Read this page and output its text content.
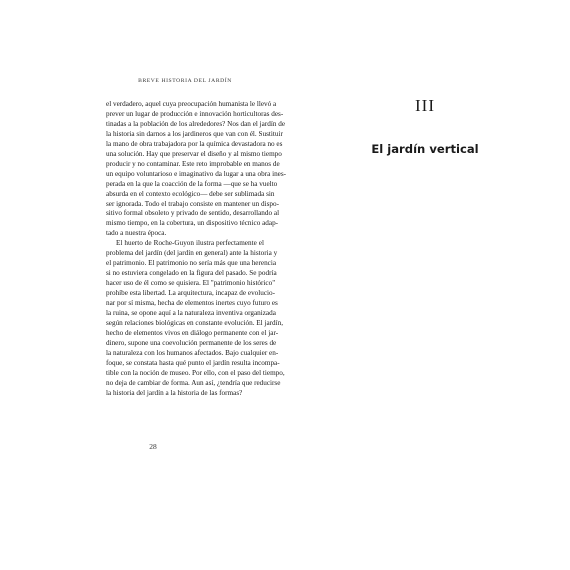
BREVE HISTORIA DEL JARDÍN
el verdadero, aquel cuya preocupación humanista le llevó a
prever un lugar de producción e innovación horticultoras des-
tinadas a la población de los alrededores? Nos dan el jardín de
la historia sin darnos a los jardineros que van con él. Sustituir
la mano de obra trabajadora por la química devastadora no es
una solución. Hay que preservar el diseño y al mismo tiempo
producir y no contaminar. Este reto improbable en manos de
un equipo voluntarioso e imaginativo da lugar a una obra ines-
perada en la que la coacción de la forma —que se ha vuelto
absurda en el contexto ecológico— debe ser sublimada sin
ser ignorada. Todo el trabajo consiste en mantener un dispo-
sitivo formal obsoleto y privado de sentido, desarrollando al
mismo tiempo, en la cobertura, un dispositivo técnico adap-
tado a nuestra época.
El huerto de Roche-Guyon ilustra perfectamente el
problema del jardín (del jardín en general) ante la historia y
el patrimonio. El patrimonio no sería más que una herencia
si no estuviera congelado en la figura del pasado. Se podría
hacer uso de él como se quisiera. El "patrimonio histórico"
prohíbe esta libertad. La arquitectura, incapaz de evolucio-
nar por sí misma, hecha de elementos inertes cuyo futuro es
la ruina, se opone aquí a la naturaleza inventiva organizada
según relaciones biológicas en constante evolución. El jardín,
hecho de elementos vivos en diálogo permanente con el jar-
dinero, supone una coevolución permanente de los seres de
la naturaleza con los humanos afectados. Bajo cualquier en-
foque, se constata hasta qué punto el jardín resulta incompa-
tible con la noción de museo. Por ello, con el paso del tiempo,
no deja de cambiar de forma. Aun así, ¿tendría que reducirse
la historia del jardín a la historia de las formas?
28
III
El jardín vertical
